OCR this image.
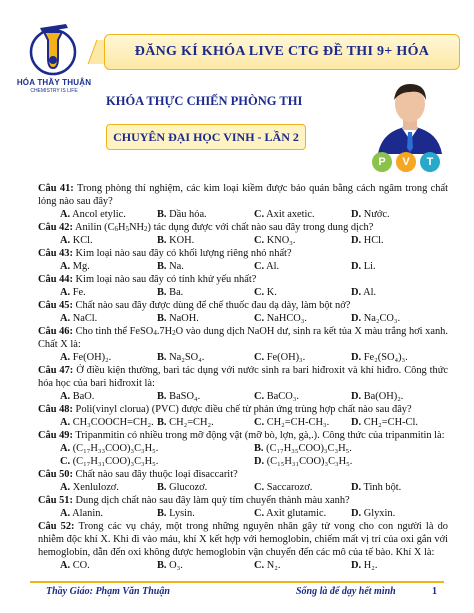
HÓA THẦY THUẬN
CHEMISTRY IS LIFE
ĐĂNG KÍ KHÓA LIVE CTG ĐỀ THI 9+ HÓA
KHÓA THỰC CHIẾN PHÒNG THI
CHUYÊN ĐẠI HỌC VINH - LẦN 2
P	V	T
Câu 41: Trong phòng thí nghiệm, các kim loại kiềm được bảo quản bằng cách ngâm trong chất lỏng nào sau đây?
A. Ancol etylic.	B. Dầu hỏa.	C. Axit axetic.	D. Nước.
Câu 42: Anilin $(C_6H_5NH_2)$ tác dụng được với chất nào sau đây trong dung dịch?
A. KCl.	B. KOH.	C. KNO₃.	D. HCl.
Câu 43: Kim loại nào sau đây có khối lượng riêng nhỏ nhất?
A. Mg.	B. Na.	C. Al.	D. Li.
Câu 44: Kim loại nào sau đây có tính khử yếu nhất?
A. Fe.	B. Ba.	C. K.	D. Al.
Câu 45: Chất nào sau đây được dùng để chế thuốc đau dạ dày, làm bột nở?
A. NaCl.	B. NaOH.	C. NaHCO₃.	D. Na₂CO₃.
Câu 46: Cho tinh thể $FeSO_4.7H_2O$ vào dung dịch NaOH dư, sinh ra kết tủa X màu trắng hơi xanh. Chất X là:
A. Fe(OH)₂.	B. Na₂SO₄.	C. Fe(OH)₃.	D. Fe₂(SO₄)₃.
Câu 47: Ở điều kiện thường, bari tác dụng với nước sinh ra bari hiđroxit và khí hiđro. Công thức hóa học của bari hiđroxit là:
A. BaO.	B. BaSO₄.	C. BaCO₃.	D. Ba(OH)₂.
Câu 48: Poli(vinyl clorua) (PVC) được điều chế từ phản ứng trùng hợp chất nào sau đây?
A. CH₃COOCH=CH₂. B. CH₂=CH₂.	C. CH₂=CH-CH₃.	D. CH₂=CH-Cl.
Câu 49: Tripanmitin có nhiều trong mỡ động vật (mỡ bò, lợn, gà,.). Công thức của tripanmitin là:
A. (C₁₇H₃₃COO)₃C₃H₅.	B. (C₁₇H₃₅COO)₃C₃H₅.
C. (C₁₇H₃₁COO)₃C₃H₅.	D. (C₁₅H₃₁COO)₃C₃H₅.
Câu 50: Chất nào sau đây thuộc loại đisaccarit?
A. Xenlulozơ.	B. Glucozơ.	C. Saccarozơ.	D. Tinh bột.
Câu 51: Dung dịch chất nào sau đây làm quỳ tím chuyển thành màu xanh?
A. Alanin.	B. Lysin.	C. Axit glutamic.	D. Glyxin.
Câu 52: Trong các vụ cháy, một trong những nguyên nhân gây tử vong cho con người là do nhiễm độc khí X. Khi đi vào máu, khí X kết hợp với hemoglobin, chiếm mất vị trí của oxi gắn với hemoglobin, dẫn đến oxi không được hemoglobin vận chuyển đến các mô của tế bào. Khí X là:
A. CO.	B. O₃.	C. N₂.	D. H₂.
Thầy Giáo: Phạm Văn Thuận	Sống là để dạy hết mình	1
